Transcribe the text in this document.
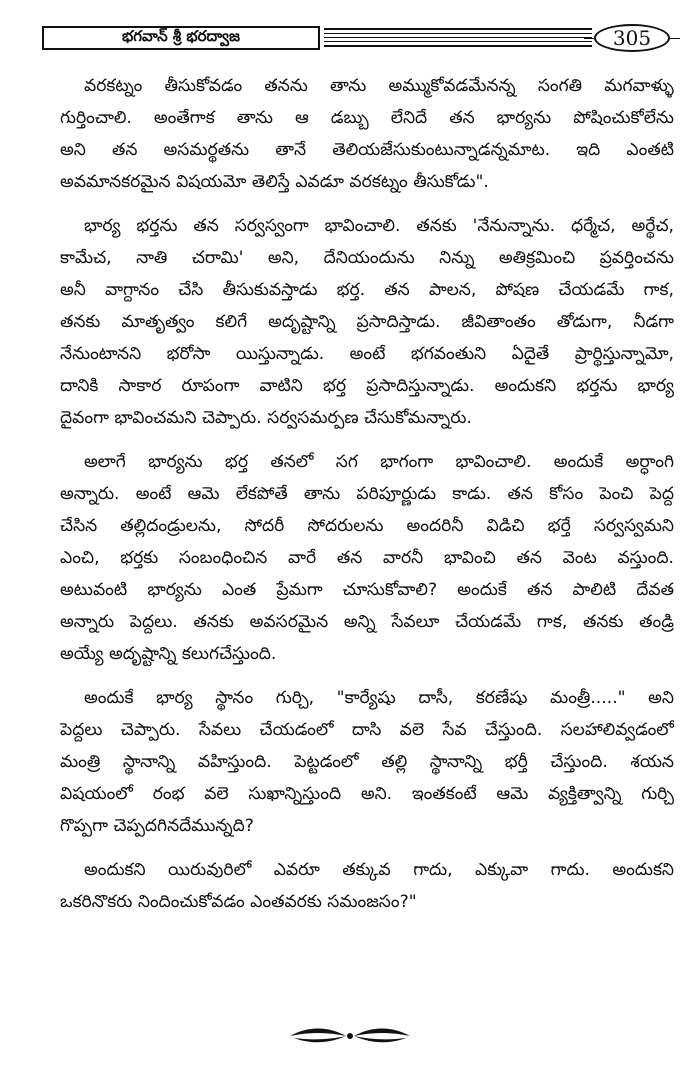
భగవాన్ శ్రీ భరద్వాజ	305

వరకట్నం తీసుకోవడం తనను తాను అమ్ముకోవడమేనన్న సంగతి మగవాళ్ళు
గుర్తించాలి. అంతేగాక తాను ఆ డబ్బు లేనిదే తన భార్యను పోషించుకోలేను
అని తన అసమర్థతను తానే తెలియజేసుకుంటున్నాడన్నమాట. ఇది ఎంతటి
అవమానకరమైన విషయమో తెలిస్తే ఎవడూ వరకట్నం తీసుకోడు".

భార్య భర్తను తన సర్వస్వంగా భావించాలి. తనకు 'నేనున్నాను. ధర్మేచ, అర్థేచ,
కామేచ, నాతి చరామి' అని, దేనియందును నిన్ను అతిక్రమించి ప్రవర్తించను
అనీ వాగ్దానం చేసి తీసుకువస్తాడు భర్త. తన పాలన, పోషణ చేయడమే గాక,
తనకు మాతృత్వం కలిగే అదృష్టాన్ని ప్రసాదిస్తాడు. జీవితాంతం తోడుగా, నీడగా
నేనుంటానని భరోసా యిస్తున్నాడు. అంటే భగవంతుని ఏదైతే ప్రార్థిస్తున్నామో,
దానికి సాకార రూపంగా వాటిని భర్త ప్రసాదిస్తున్నాడు. అందుకని భర్తను భార్య
దైవంగా భావించమని చెప్పారు. సర్వసమర్పణ చేసుకోమన్నారు.

అలాగే భార్యను భర్త తనలో సగ భాగంగా భావించాలి. అందుకే అర్ధాంగి
అన్నారు. అంటే ఆమె లేకపోతే తాను పరిపూర్ణుడు కాడు. తన కోసం పెంచి పెద్ద
చేసిన తల్లిదండ్రులను, సోదరీ సోదరులను అందరినీ విడిచి భర్తే సర్వస్వమని
ఎంచి, భర్తకు సంబంధించిన వారే తన వారనీ భావించి తన వెంట వస్తుంది.
అటువంటి భార్యను ఎంత ప్రేమగా చూసుకోవాలి? అందుకే తన పాలిటి దేవత
అన్నారు పెద్దలు. తనకు అవసరమైన అన్ని సేవలూ చేయడమే గాక, తనకు తండ్రి
అయ్యే అదృష్టాన్ని కలుగచేస్తుంది.

అందుకే భార్య స్థానం గుర్చి, "కార్యేషు దాసీ, కరణేషు మంత్రీ....." అని
పెద్దలు చెప్పారు. సేవలు చేయడంలో దాసి వలె సేవ చేస్తుంది. సలహాలివ్వడంలో
మంత్రి స్థానాన్ని వహిస్తుంది. పెట్టడంలో తల్లి స్థానాన్ని భర్తీ చేస్తుంది. శయన
విషయంలో రంభ వలె సుఖాన్నిస్తుంది అని. ఇంతకంటే ఆమె వ్యక్తిత్వాన్ని గుర్చి
గొప్పగా చెప్పదగినదేమున్నది?

అందుకని యిరువురిలో ఎవరూ తక్కువ గాదు, ఎక్కువా గాదు. అందుకని
ఒకరినొకరు నిందించుకోవడం ఎంతవరకు సమంజసం?"
